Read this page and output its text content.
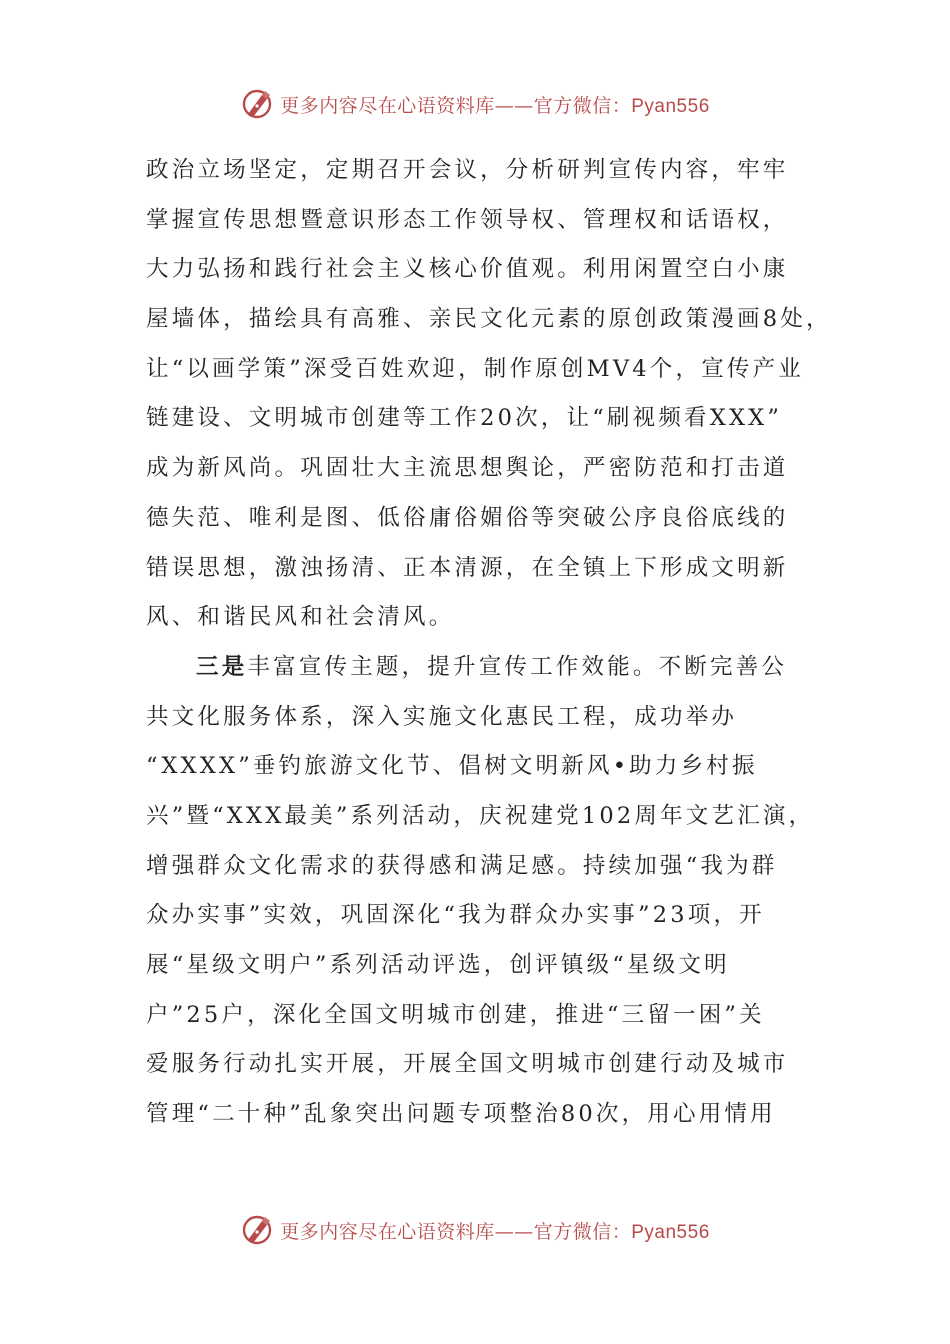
更多内容尽在心语资料库——官方微信：Pyan556
政治立场坚定，定期召开会议，分析研判宣传内容，牢牢
掌握宣传思想暨意识形态工作领导权、管理权和话语权，
大力弘扬和践行社会主义核心价值观。利用闲置空白小康
屋墙体，描绘具有高雅、亲民文化元素的原创政策漫画8处，
让“以画学策”深受百姓欢迎，制作原创MV4个，宣传产业
链建设、文明城市创建等工作20次，让“刷视频看XXX”
成为新风尚。巩固壮大主流思想舆论，严密防范和打击道
德失范、唯利是图、低俗庸俗媚俗等突破公序良俗底线的
错误思想，激浊扬清、正本清源，在全镇上下形成文明新
风、和谐民风和社会清风。
三是丰富宣传主题，提升宣传工作效能。不断完善公
共文化服务体系，深入实施文化惠民工程，成功举办
“XXXX”垂钓旅游文化节、倡树文明新风•助力乡村振
兴”暨“XXX最美”系列活动，庆祝建党102周年文艺汇演，
增强群众文化需求的获得感和满足感。持续加强“我为群
众办实事”实效，巩固深化“我为群众办实事”23项，开
展“星级文明户”系列活动评选，创评镇级“星级文明
户”25户，深化全国文明城市创建，推进“三留一困”关
爱服务行动扎实开展，开展全国文明城市创建行动及城市
管理“二十种”乱象突出问题专项整治80次，用心用情用
更多内容尽在心语资料库——官方微信：Pyan556
